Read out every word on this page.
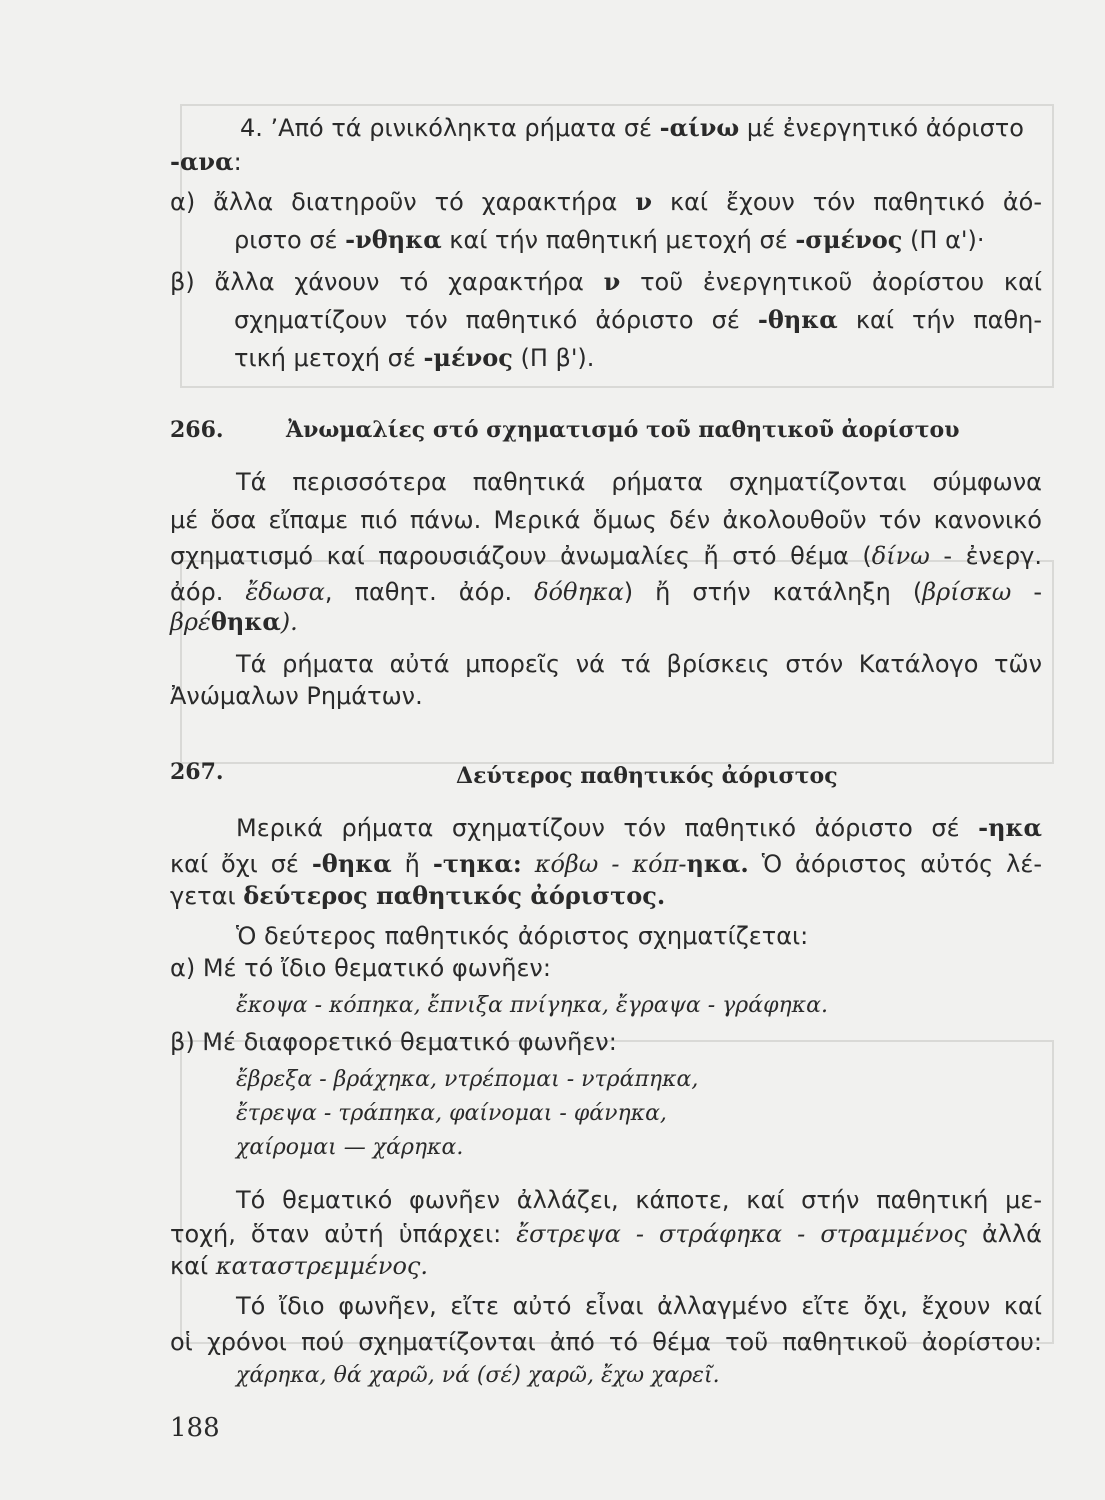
4. ’Από τά ρινικόληκτα ρήματα σέ -αίνω μέ ἐνεργητικό ἀόριστο
-ανα:
α) ἄλλα διατηροῦν τό χαρακτήρα ν καί ἔχουν τόν παθητικό ἀό-
ριστο σέ -νθηκα καί τήν παθητική μετοχή σέ -σμένος (Π α')·
β) ἄλλα χάνουν τό χαρακτήρα ν τοῦ ἐνεργητικοῦ ἀορίστου καί
σχηματίζουν τόν παθητικό ἀόριστο σέ -θηκα καί τήν παθη-
τική μετοχή σέ -μένος (Π β').
266.	Ἀνωμαλίες στό σχηματισμό τοῦ παθητικοῦ ἀορίστου
Τά περισσότερα παθητικά ρήματα σχηματίζονται σύμφωνα
μέ ὅσα εἴπαμε πιό πάνω. Μερικά ὅμως δέν ἀκολουθοῦν τόν κανονικό
σχηματισμό καί παρουσιάζουν ἀνωμαλίες ἤ στό θέμα (δίνω - ἐνεργ.
ἀόρ. ἔδωσα, παθητ. ἀόρ. δόθηκα) ἤ στήν κατάληξη (βρίσκω -
βρέθηκα).
Τά ρήματα αὐτά μπορεῖς νά τά βρίσκεις στόν Κατάλογο τῶν
Ἀνώμαλων Ρημάτων.
267.	Δεύτερος παθητικός ἀόριστος
Μερικά ρήματα σχηματίζουν τόν παθητικό ἀόριστο σέ -ηκα
καί ὄχι σέ -θηκα ἤ -τηκα: κόβω - κόπ-ηκα. Ὁ ἀόριστος αὐτός λέ-
γεται δεύτερος παθητικός ἀόριστος.
Ὁ δεύτερος παθητικός ἀόριστος σχηματίζεται:
α) Μέ τό ἴδιο θεματικό φωνῆεν:
ἔκοψα - κόπηκα, ἔπνιξα πνίγηκα, ἔγραψα - γράφηκα.
β) Μέ διαφορετικό θεματικό φωνῆεν:
ἔβρεξα - βράχηκα, ντρέπομαι - ντράπηκα,
ἔτρεψα - τράπηκα, φαίνομαι - φάνηκα,
χαίρομαι — χάρηκα.
Τό θεματικό φωνῆεν ἀλλάζει, κάποτε, καί στήν παθητική με-
τοχή, ὅταν αὐτή ὑπάρχει: ἔστρεψα - στράφηκα - στραμμένος ἀλλά
καί καταστρεμμένος.
Τό ἴδιο φωνῆεν, εἴτε αὐτό εἶναι ἀλλαγμένο εἴτε ὄχι, ἔχουν καί
οἱ χρόνοι πού σχηματίζονται ἀπό τό θέμα τοῦ παθητικοῦ ἀορίστου:
χάρηκα, θά χαρῶ, νά (σέ) χαρῶ, ἔχω χαρεῖ.
188
